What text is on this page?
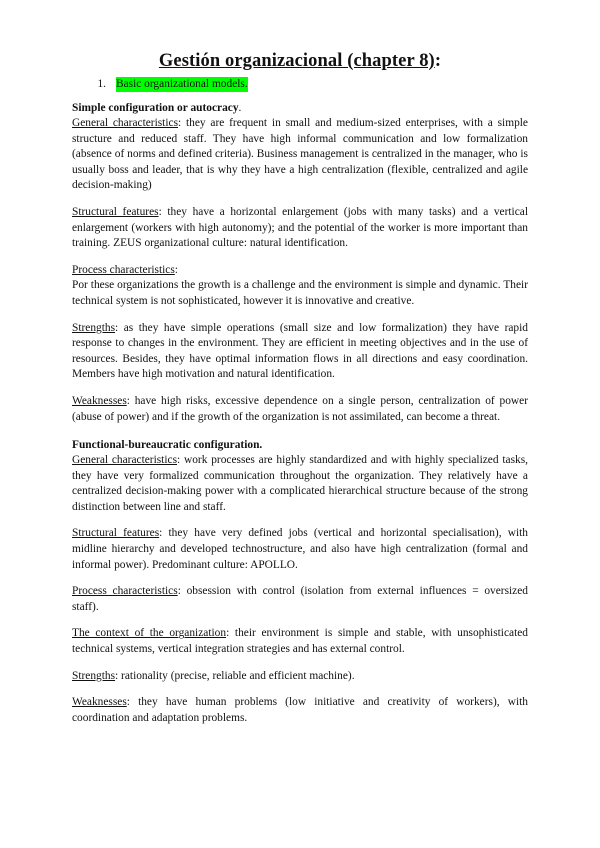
Gestión organizacional (chapter 8):
1. Basic organizational models.
Simple configuration or autocracy.

General characteristics: they are frequent in small and medium-sized enterprises, with a simple structure and reduced staff. They have high informal communication and low formalization (absence of norms and defined criteria). Business management is centralized in the manager, who is usually boss and leader, that is why they have a high centralization (flexible, centralized and agile decision-making)

Structural features: they have a horizontal enlargement (jobs with many tasks) and a vertical enlargement (workers with high autonomy); and the potential of the worker is more important than training. ZEUS organizational culture: natural identification.

Process characteristics:
Por these organizations the growth is a challenge and the environment is simple and dynamic. Their technical system is not sophisticated, however it is innovative and creative.

Strengths: as they have simple operations (small size and low formalization) they have rapid response to changes in the environment. They are efficient in meeting objectives and in the use of resources. Besides, they have optimal information flows in all directions and easy coordination. Members have high motivation and natural identification.

Weaknesses: have high risks, excessive dependence on a single person, centralization of power (abuse of power) and if the growth of the organization is not assimilated, can become a threat.

Functional-bureaucratic configuration.

General characteristics: work processes are highly standardized and with highly specialized tasks, they have very formalized communication throughout the organization. They relatively have a centralized decision-making power with a complicated hierarchical structure because of the strong distinction between line and staff.

Structural features: they have very defined jobs (vertical and horizontal specialisation), with midline hierarchy and developed technostructure, and also have high centralization (formal and informal power). Predominant culture: APOLLO.

Process characteristics: obsession with control (isolation from external influences = oversized staff).

The context of the organization: their environment is simple and stable, with unsophisticated technical systems, vertical integration strategies and has external control.

Strengths: rationality (precise, reliable and efficient machine).

Weaknesses: they have human problems (low initiative and creativity of workers), with coordination and adaptation problems.
